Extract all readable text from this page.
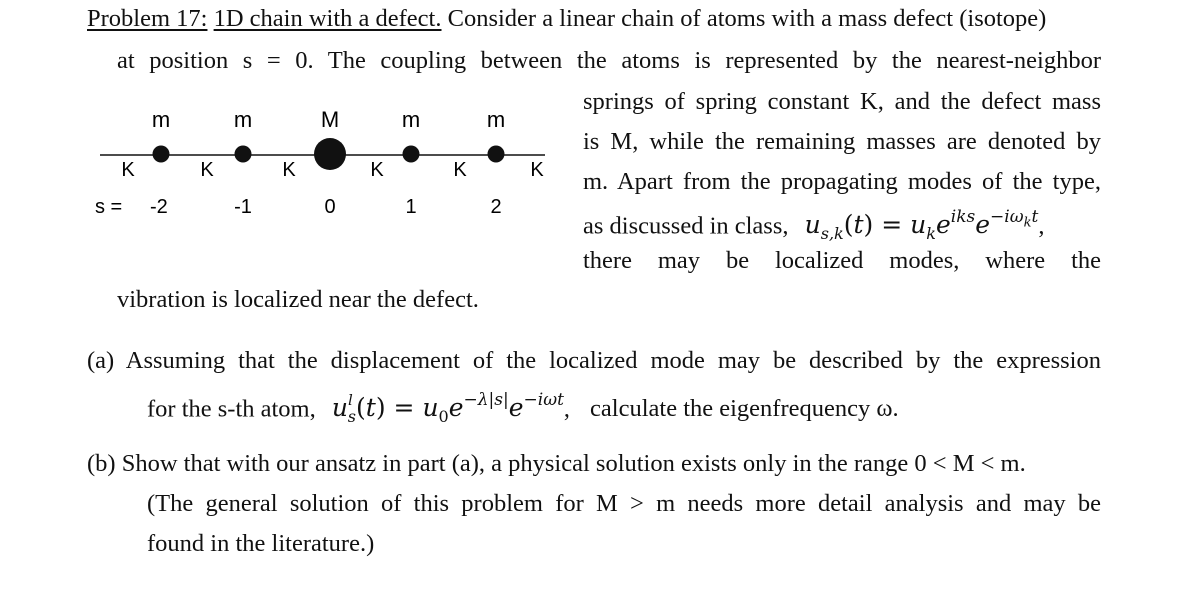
Problem 17: 1D chain with a defect. Consider a linear chain of atoms with a mass defect (isotope)
at position s = 0. The coupling between the atoms is represented by the nearest-neighbor
springs of spring constant K, and the defect mass
is M, while the remaining masses are denoted by
m. Apart from the propagating modes of the type,
as discussed in class, $u_{s,k}(t) = u_ke^{iks}e^{-i\omega_kt}$,
there may be localized modes, where the
vibration is localized near the defect.
K	K	K	K	K	K
m	m	M	m	m
s = -2	-1	0	1	2
(a) Assuming that the displacement of the localized mode may be described by the expression
for the s-th atom, $u^l_s(t) = u_0e^{-\lambda|s|}e^{-i\omega t}$, calculate the eigenfrequency ω.
(b) Show that with our ansatz in part (a), a physical solution exists only in the range 0 < M < m.
(The general solution of this problem for M > m needs more detail analysis and may be
found in the literature.)
